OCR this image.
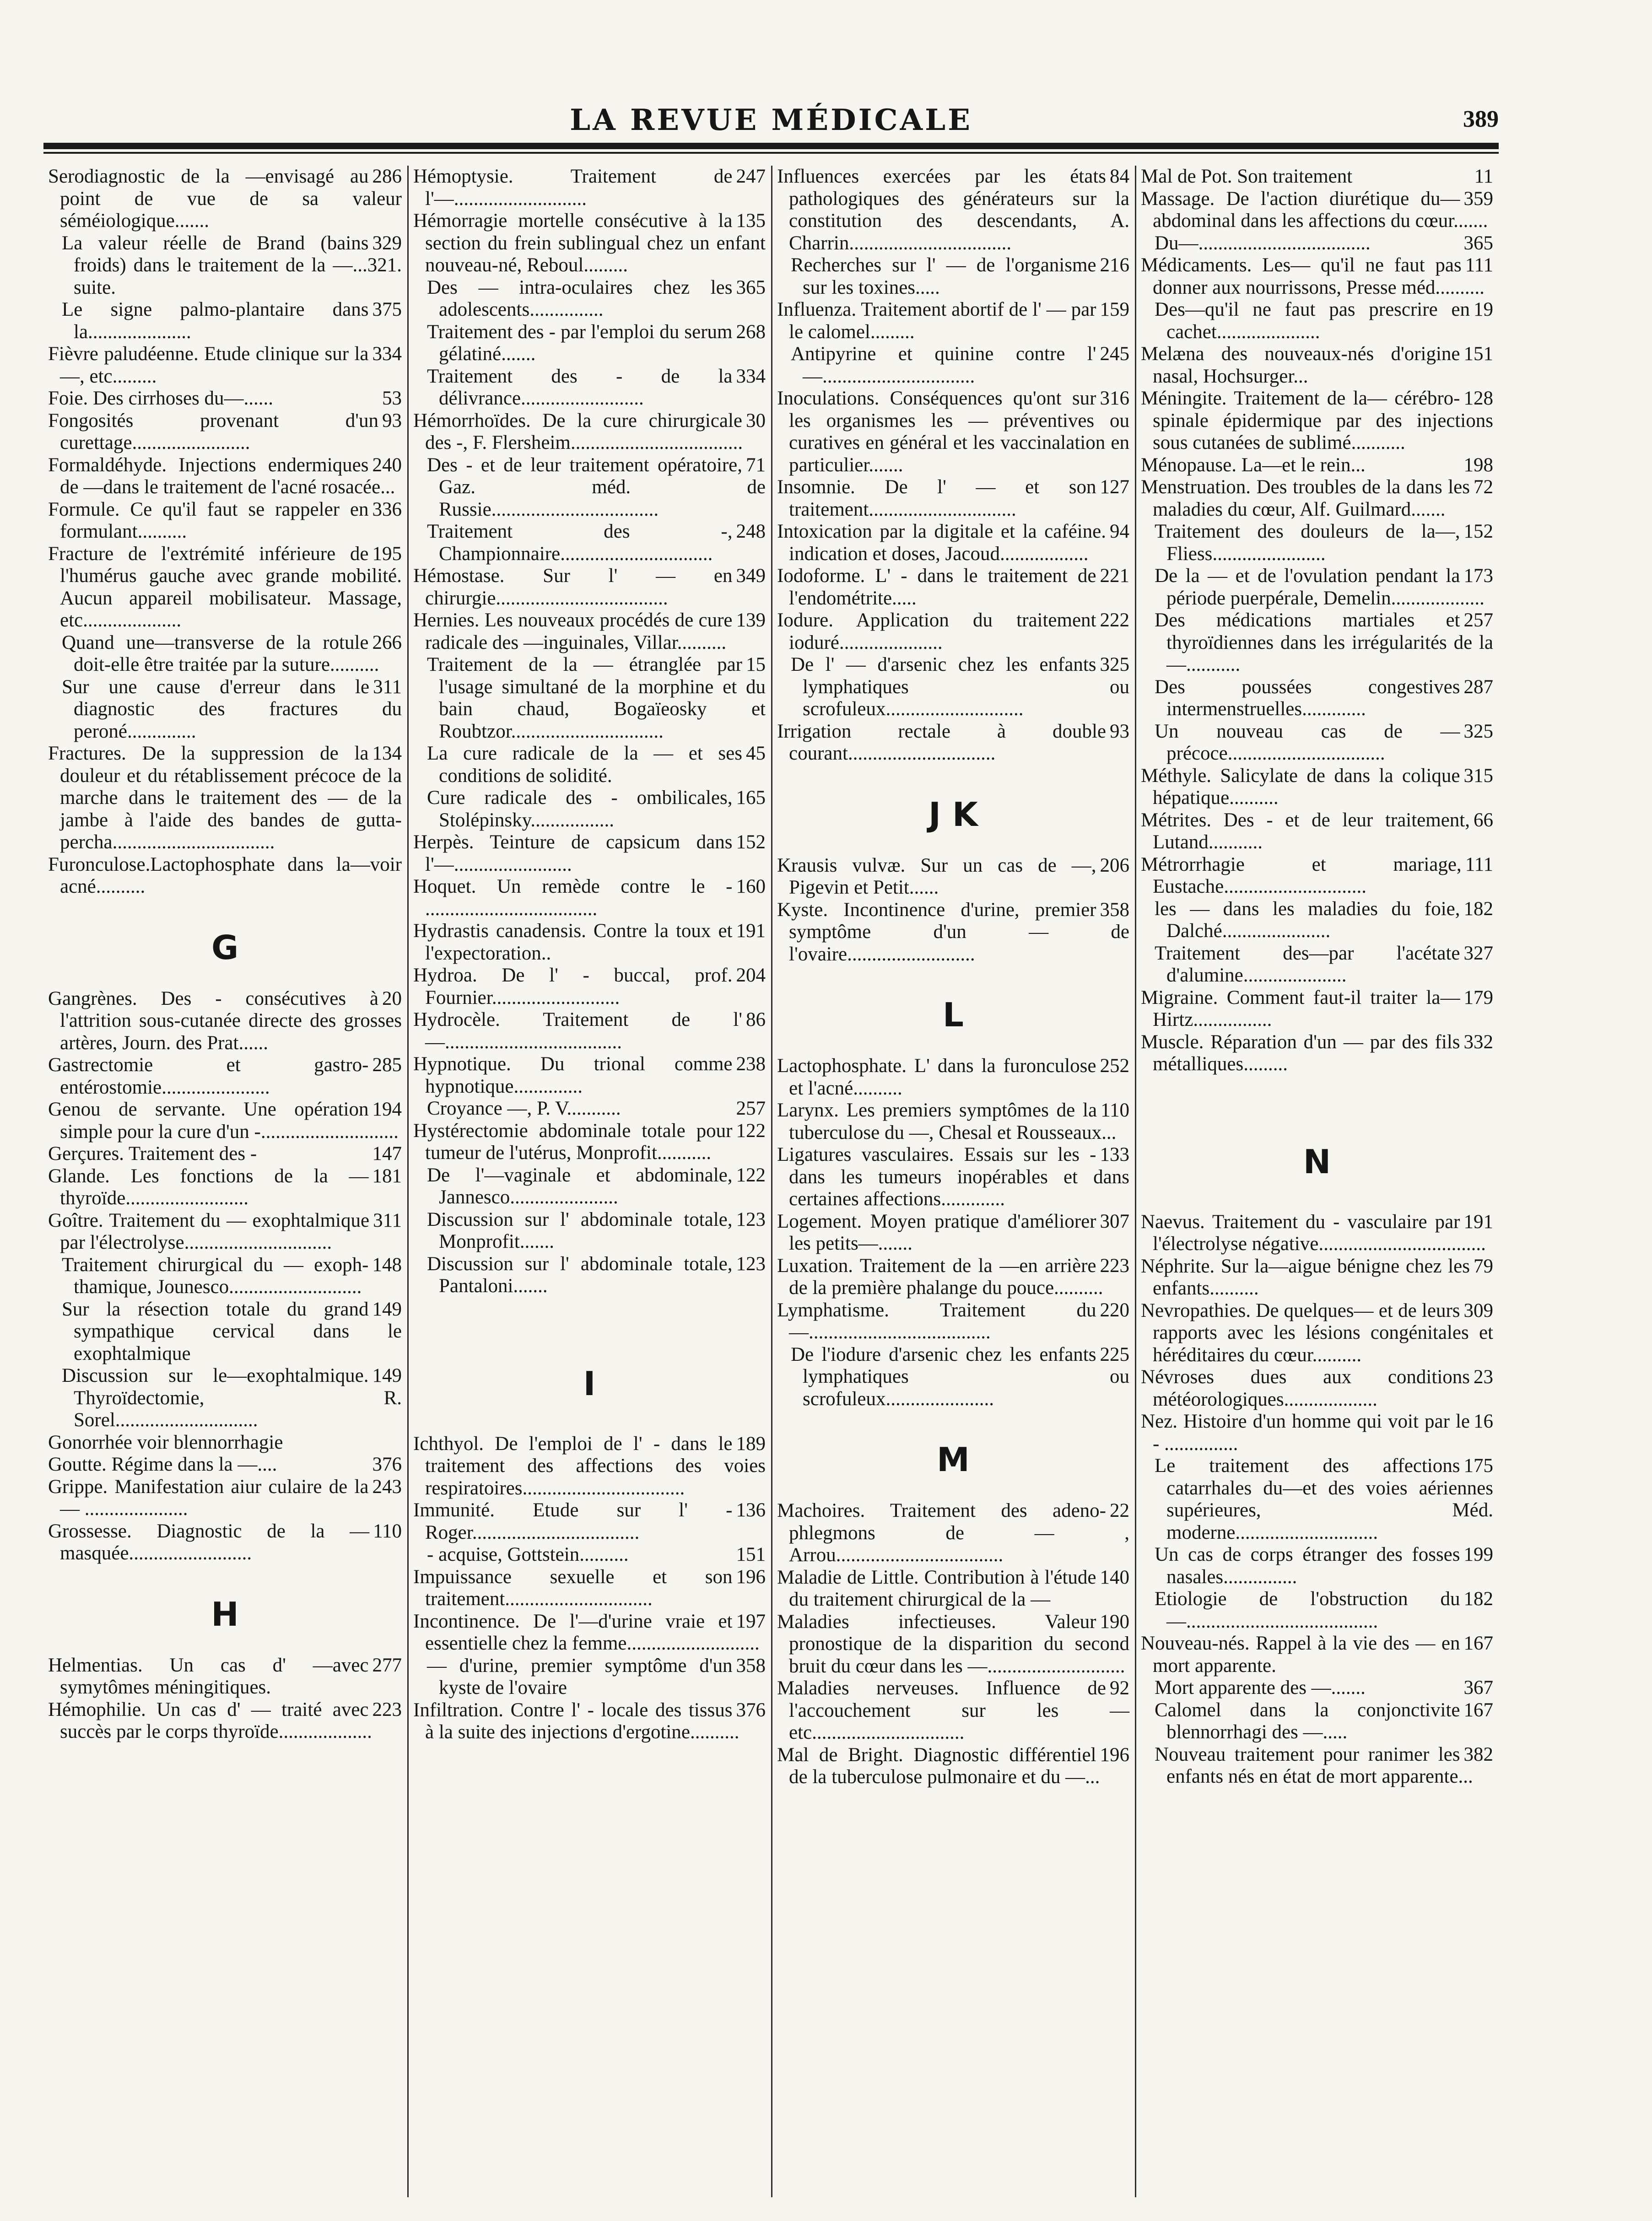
LA REVUE MÉDICALE	389
286
Serodiagnostic de la —envisagé au point de vue de sa valeur séméiologique.......
329
La valeur réelle de Brand (bains froids) dans le traitement de la —...321. suite.
375
Le signe palmo-plantaire dans la.....................
334
Fièvre paludéenne. Etude clinique sur la —, etc.........
53
Foie. Des cirrhoses du—......
93
Fongosités provenant d'un curettage........................
240
Formaldéhyde. Injections endermiques de —dans le traitement de l'acné rosacée...
336
Formule. Ce qu'il faut se rappeler en formulant..........
195
Fracture de l'extrémité inférieure de l'humérus gauche avec grande mobilité. Aucun appareil mobilisateur. Massage, etc....................
266
Quand une—transverse de la rotule doit-elle être traitée par la suture..........
311
Sur une cause d'erreur dans le diagnostic des fractures du peroné..............
134
Fractures. De la suppression de la douleur et du rétablissement précoce de la marche dans le traitement des — de la jambe à l'aide des bandes de gutta-percha.................................
Furonculose.Lactophosphate dans la—voir acné..........
G
20
Gangrènes. Des - consécutives à l'attrition sous-cutanée directe des grosses artères, Journ. des Prat......
285
Gastrectomie et gastro-entérostomie......................
194
Genou de servante. Une opération simple pour la cure d'un -............................
147
Gerçures. Traitement des -
181
Glande. Les fonctions de la —thyroïde.........................
311
Goître. Traitement du — exophtalmique par l'électrolyse..............................
148
Traitement chirurgical du — exoph-thamique, Jounesco...........................
149
Sur la résection totale du grand sympathique cervical dans le exophtalmique
149
Discussion sur le—exophtalmique. Thyroïdectomie, R. Sorel.............................
Gonorrhée voir blennorrhagie
376
Goutte. Régime dans la —....
243
Grippe. Manifestation aiur culaire de la— .....................
110
Grossesse. Diagnostic de la —masquée.........................
H
277
Helmentias. Un cas d' —avec symytômes méningitiques.
223
Hémophilie. Un cas d' — traité avec succès par le corps thyroïde...................
247
Hémoptysie. Traitement de l'—...........................
135
Hémorragie mortelle consécutive à la section du frein sublingual chez un enfant nouveau-né, Reboul.........
365
Des — intra-oculaires chez les adolescents...............
268
Traitement des - par l'emploi du serum gélatiné.......
334
Traitement des - de la délivrance.........................
30
Hémorrhoïdes. De la cure chirurgicale des -, F. Flersheim...................................
71
Des - et de leur traitement opératoire, Gaz. méd. de Russie..................................
248
Traitement des -, Championnaire...............................
349
Hémostase. Sur l' — en chirurgie...................................
139
Hernies. Les nouveaux procédés de cure radicale des —inguinales, Villar..........
15
Traitement de la — étranglée par l'usage simultané de la morphine et du bain chaud, Bogaïeosky et Roubtzor...............................
45
La cure radicale de la — et ses conditions de solidité.
165
Cure radicale des - ombilicales, Stolépinsky.................
152
Herpès. Teinture de capsicum dans l'—........................
160
Hoquet. Un remède contre le - ...................................
191
Hydrastis canadensis. Contre la toux et l'expectoration..
204
Hydroa. De l' - buccal, prof. Fournier..........................
86
Hydrocèle. Traitement de l' —....................................
238
Hypnotique. Du trional comme hypnotique..............
257
Croyance —, P. V...........
122
Hystérectomie abdominale totale pour tumeur de l'utérus, Monprofit...........
122
De l'—vaginale et abdominale, Jannesco......................
123
Discussion sur l' abdominale totale, Monprofit.......
123
Discussion sur l' abdominale totale, Pantaloni.......
I
189
Ichthyol. De l'emploi de l' - dans le traitement des affections des voies respiratoires.................................
136
Immunité. Etude sur l' - Roger..................................
151
- acquise, Gottstein..........
196
Impuissance sexuelle et son traitement..............................
197
Incontinence. De l'—d'urine vraie et essentielle chez la femme...........................
358
— d'urine, premier symptôme d'un kyste de l'ovaire
376
Infiltration. Contre l' - locale des tissus à la suite des injections d'ergotine..........
84
Influences exercées par les états pathologiques des générateurs sur la constitution des descendants, A. Charrin.................................
216
Recherches sur l' — de l'organisme sur les toxines.....
159
Influenza. Traitement abortif de l' — par le calomel.........
245
Antipyrine et quinine contre l' —...............................
316
Inoculations. Conséquences qu'ont sur les organismes les — préventives ou curatives en général et les vaccinalation en particulier.......
127
Insomnie. De l' — et son traitement..............................
94
Intoxication par la digitale et la caféine. indication et doses, Jacoud..................
221
Iodoforme. L' - dans le traitement de l'endométrite.....
222
Iodure. Application du traitement ioduré.....................
325
De l' — d'arsenic chez les enfants lymphatiques ou scrofuleux............................
93
Irrigation rectale à double courant..............................
J K
206
Krausis vulvæ. Sur un cas de —, Pigevin et Petit......
358
Kyste. Incontinence d'urine, premier symptôme d'un — de l'ovaire..........................
L
252
Lactophosphate. L' dans la furonculose et l'acné..........
110
Larynx. Les premiers symptômes de la tuberculose du —, Chesal et Rousseaux...
133
Ligatures vasculaires. Essais sur les - dans les tumeurs inopérables et dans certaines affections.............
307
Logement. Moyen pratique d'améliorer les petits—.......
223
Luxation. Traitement de la —en arrière de la première phalange du pouce..........
220
Lymphatisme. Traitement du —.....................................
225
De l'iodure d'arsenic chez les enfants lymphatiques ou scrofuleux......................
M
22
Machoires. Traitement des adeno-phlegmons de — , Arrou..................................
140
Maladie de Little. Contribution à l'étude du traitement chirurgical de la —
190
Maladies infectieuses. Valeur pronostique de la disparition du second bruit du cœur dans les —............................
92
Maladies nerveuses. Influence de l'accouchement sur les —etc...............................
196
Mal de Bright. Diagnostic différentiel de la tuberculose pulmonaire et du —...
11
Mal de Pot. Son traitement
359
Massage. De l'action diurétique du—abdominal dans les affections du cœur.......
365
Du—...................................
111
Médicaments. Les— qu'il ne faut pas donner aux nourrissons, Presse méd..........
19
Des—qu'il ne faut pas prescrire en cachet.....................
151
Melæna des nouveaux-nés d'origine nasal, Hochsurger...
128
Méningite. Traitement de la— cérébro-spinale épidermique par des injections sous cutanées de sublimé...........
198
Ménopause. La—et le rein...
72
Menstruation. Des troubles de la dans les maladies du cœur, Alf. Guilmard.......
152
Traitement des douleurs de la—, Fliess.......................
173
De la — et de l'ovulation pendant la période puerpérale, Demelin...................
257
Des médications martiales et thyroïdiennes dans les irrégularités de la—...........
287
Des poussées congestives intermenstruelles.............
325
Un nouveau cas de — précoce................................
315
Méthyle. Salicylate de dans la colique hépatique..........
66
Métrites. Des - et de leur traitement, Lutand...........
111
Métrorrhagie et mariage, Eustache.............................
182
les — dans les maladies du foie, Dalché......................
327
Traitement des—par l'acétate d'alumine.....................
179
Migraine. Comment faut-il traiter la—Hirtz................
332
Muscle. Réparation d'un — par des fils métalliques.........
N
191
Naevus. Traitement du - vasculaire par l'électrolyse négative..................................
79
Néphrite. Sur la—aigue bénigne chez les enfants..........
309
Nevropathies. De quelques— et de leurs rapports avec les lésions congénitales et héréditaires du cœur..........
23
Névroses dues aux conditions météorologiques...................
16
Nez. Histoire d'un homme qui voit par le - ...............
175
Le traitement des affections catarrhales du—et des voies aériennes supérieures, Méd. moderne.............................
199
Un cas de corps étranger des fosses nasales...............
182
Etiologie de l'obstruction du —.......................................
167
Nouveau-nés. Rappel à la vie des — en mort apparente.
367
Mort apparente des —.......
167
Calomel dans la conjonctivite blennorrhagi des —.....
382
Nouveau traitement pour ranimer les enfants nés en état de mort apparente...
